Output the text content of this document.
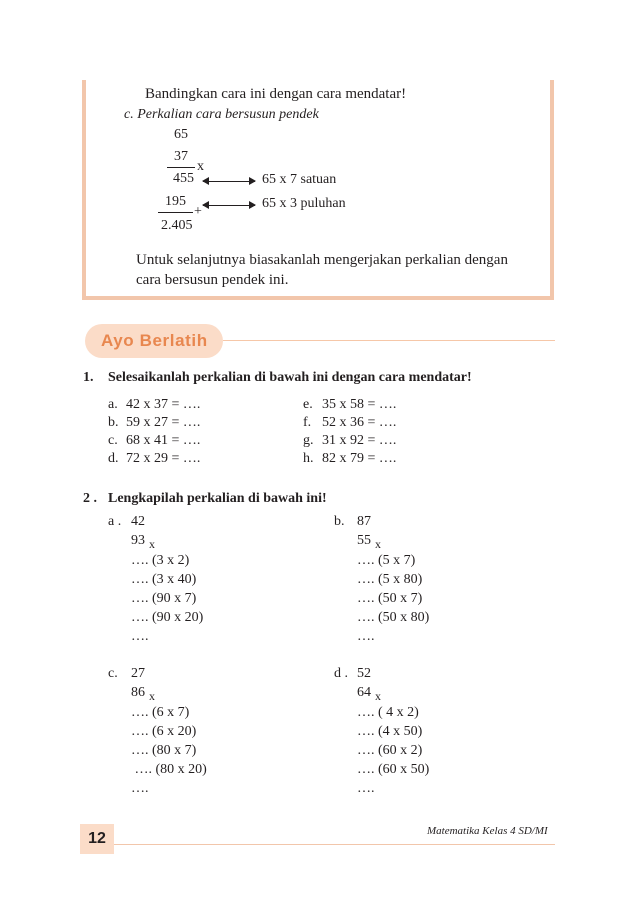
Bandingkan cara ini dengan cara mendatar!
c. Perkalian cara bersusun pendek
65
37
x
455	65 x 7 satuan
195
+
65 x 3 puluhan
2.405
Untuk selanjutnya biasakanlah mengerjakan perkalian dengan
cara bersusun pendek ini.
Ayo Berlatih
1. Selesaikanlah perkalian di bawah ini dengan cara mendatar!
a. 42 x 37 = ….
b. 59 x 27 = ….
c. 68 x 41 = ….
d. 72 x 29 = ….
e. 35 x 58 = ….
f. 52 x 36 = ….
g. 31 x 92 = ….
h. 82 x 79 = ….
2 . Lengkapilah perkalian di bawah ini!
a . 42
93 x
…. (3 x 2)
…. (3 x 40)
…. (90 x 7)
…. (90 x 20)
….
b. 87
55 x
…. (5 x 7)
…. (5 x 80)
…. (50 x 7)
…. (50 x 80)
….
c. 27
86 x
…. (6 x 7)
…. (6 x 20)
…. (80 x 7)
…. (80 x 20)
….
d . 52
64 x
…. ( 4 x 2)
…. (4 x 50)
…. (60 x 2)
…. (60 x 50)
….
Matematika Kelas 4 SD/MI
12
